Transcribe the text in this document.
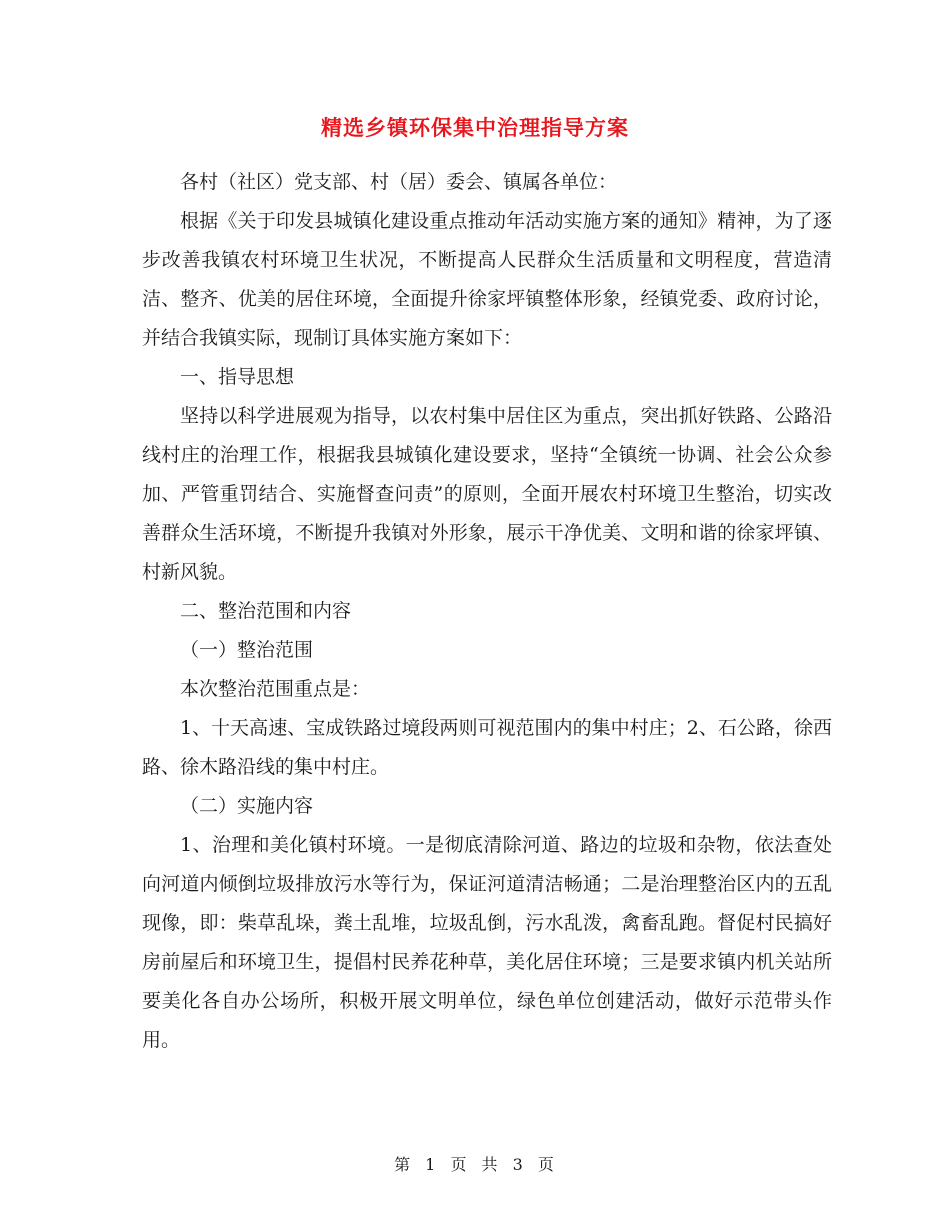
精选乡镇环保集中治理指导方案

各村（社区）党支部、村（居）委会、镇属各单位：

根据《关于印发县城镇化建设重点推动年活动实施方案的通知》精神，为了逐步改善我镇农村环境卫生状况，不断提高人民群众生活质量和文明程度，营造清洁、整齐、优美的居住环境，全面提升徐家坪镇整体形象，经镇党委、政府讨论，并结合我镇实际，现制订具体实施方案如下：

一、指导思想

坚持以科学进展观为指导，以农村集中居住区为重点，突出抓好铁路、公路沿线村庄的治理工作，根据我县城镇化建设要求，坚持“全镇统一协调、社会公众参加、严管重罚结合、实施督查问责”的原则，全面开展农村环境卫生整治，切实改善群众生活环境，不断提升我镇对外形象，展示干净优美、文明和谐的徐家坪镇、村新风貌。

二、整治范围和内容

（一）整治范围

本次整治范围重点是：

1、十天高速、宝成铁路过境段两则可视范围内的集中村庄；2、石公路，徐西路、徐木路沿线的集中村庄。

（二）实施内容

1、治理和美化镇村环境。一是彻底清除河道、路边的垃圾和杂物，依法查处向河道内倾倒垃圾排放污水等行为，保证河道清洁畅通；二是治理整治区内的五乱现像，即：柴草乱垛，粪土乱堆，垃圾乱倒，污水乱泼，禽畜乱跑。督促村民搞好房前屋后和环境卫生，提倡村民养花种草，美化居住环境；三是要求镇内机关站所要美化各自办公场所，积极开展文明单位，绿色单位创建活动，做好示范带头作用。

第 1 页 共 3 页
